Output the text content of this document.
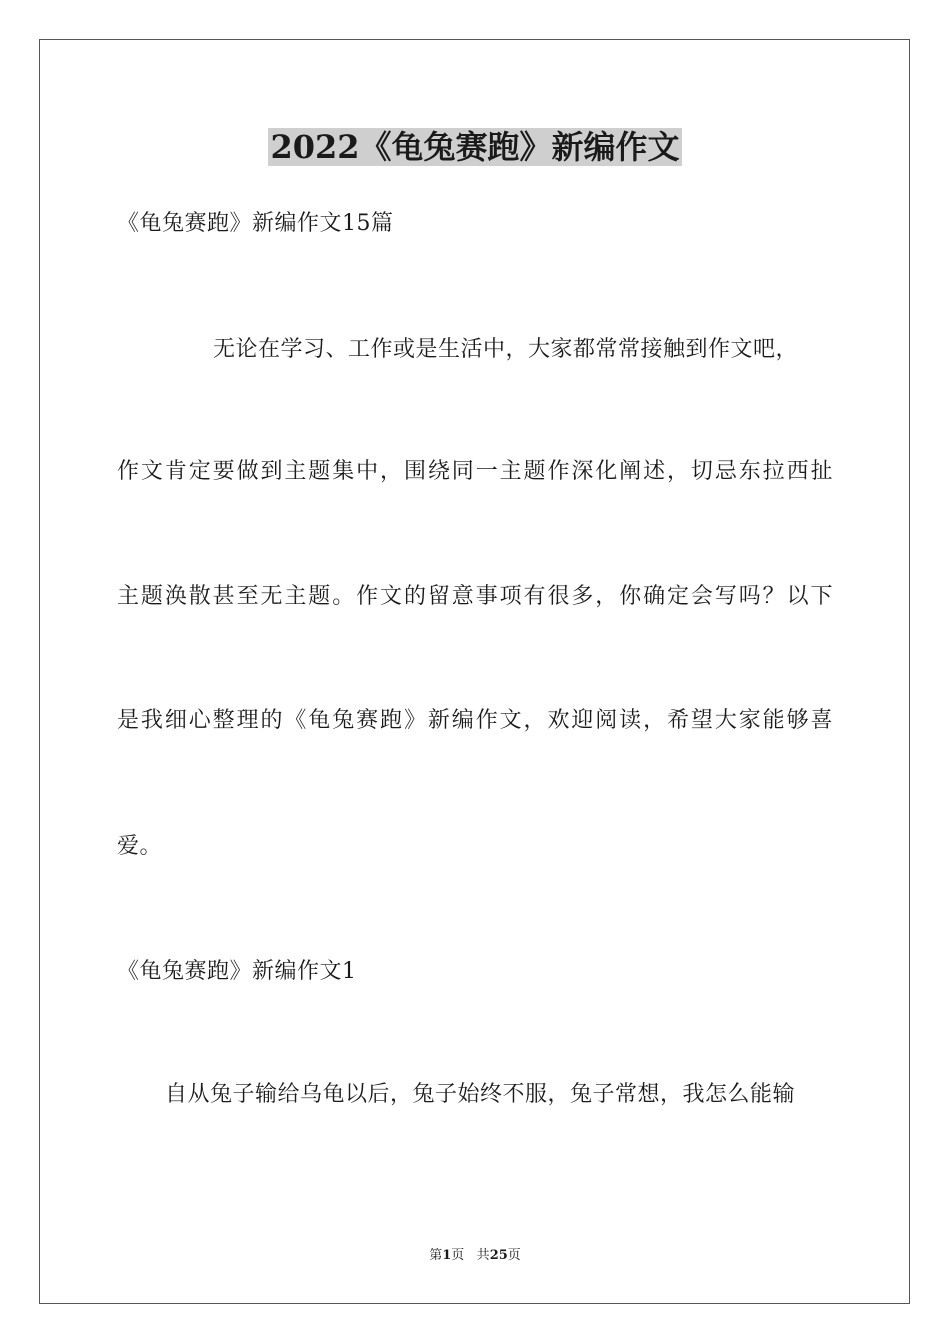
2022《龟兔赛跑》新编作文
《龟兔赛跑》新编作文15篇
无论在学习、工作或是生活中，大家都常常接触到作文吧，
作文肯定要做到主题集中，围绕同一主题作深化阐述，切忌东拉西扯
主题涣散甚至无主题。作文的留意事项有很多，你确定会写吗？以下
是我细心整理的《龟兔赛跑》新编作文，欢迎阅读，希望大家能够喜
爱。
《龟兔赛跑》新编作文1
自从兔子输给乌龟以后，兔子始终不服，兔子常想，我怎么能输
第1页 共25页
